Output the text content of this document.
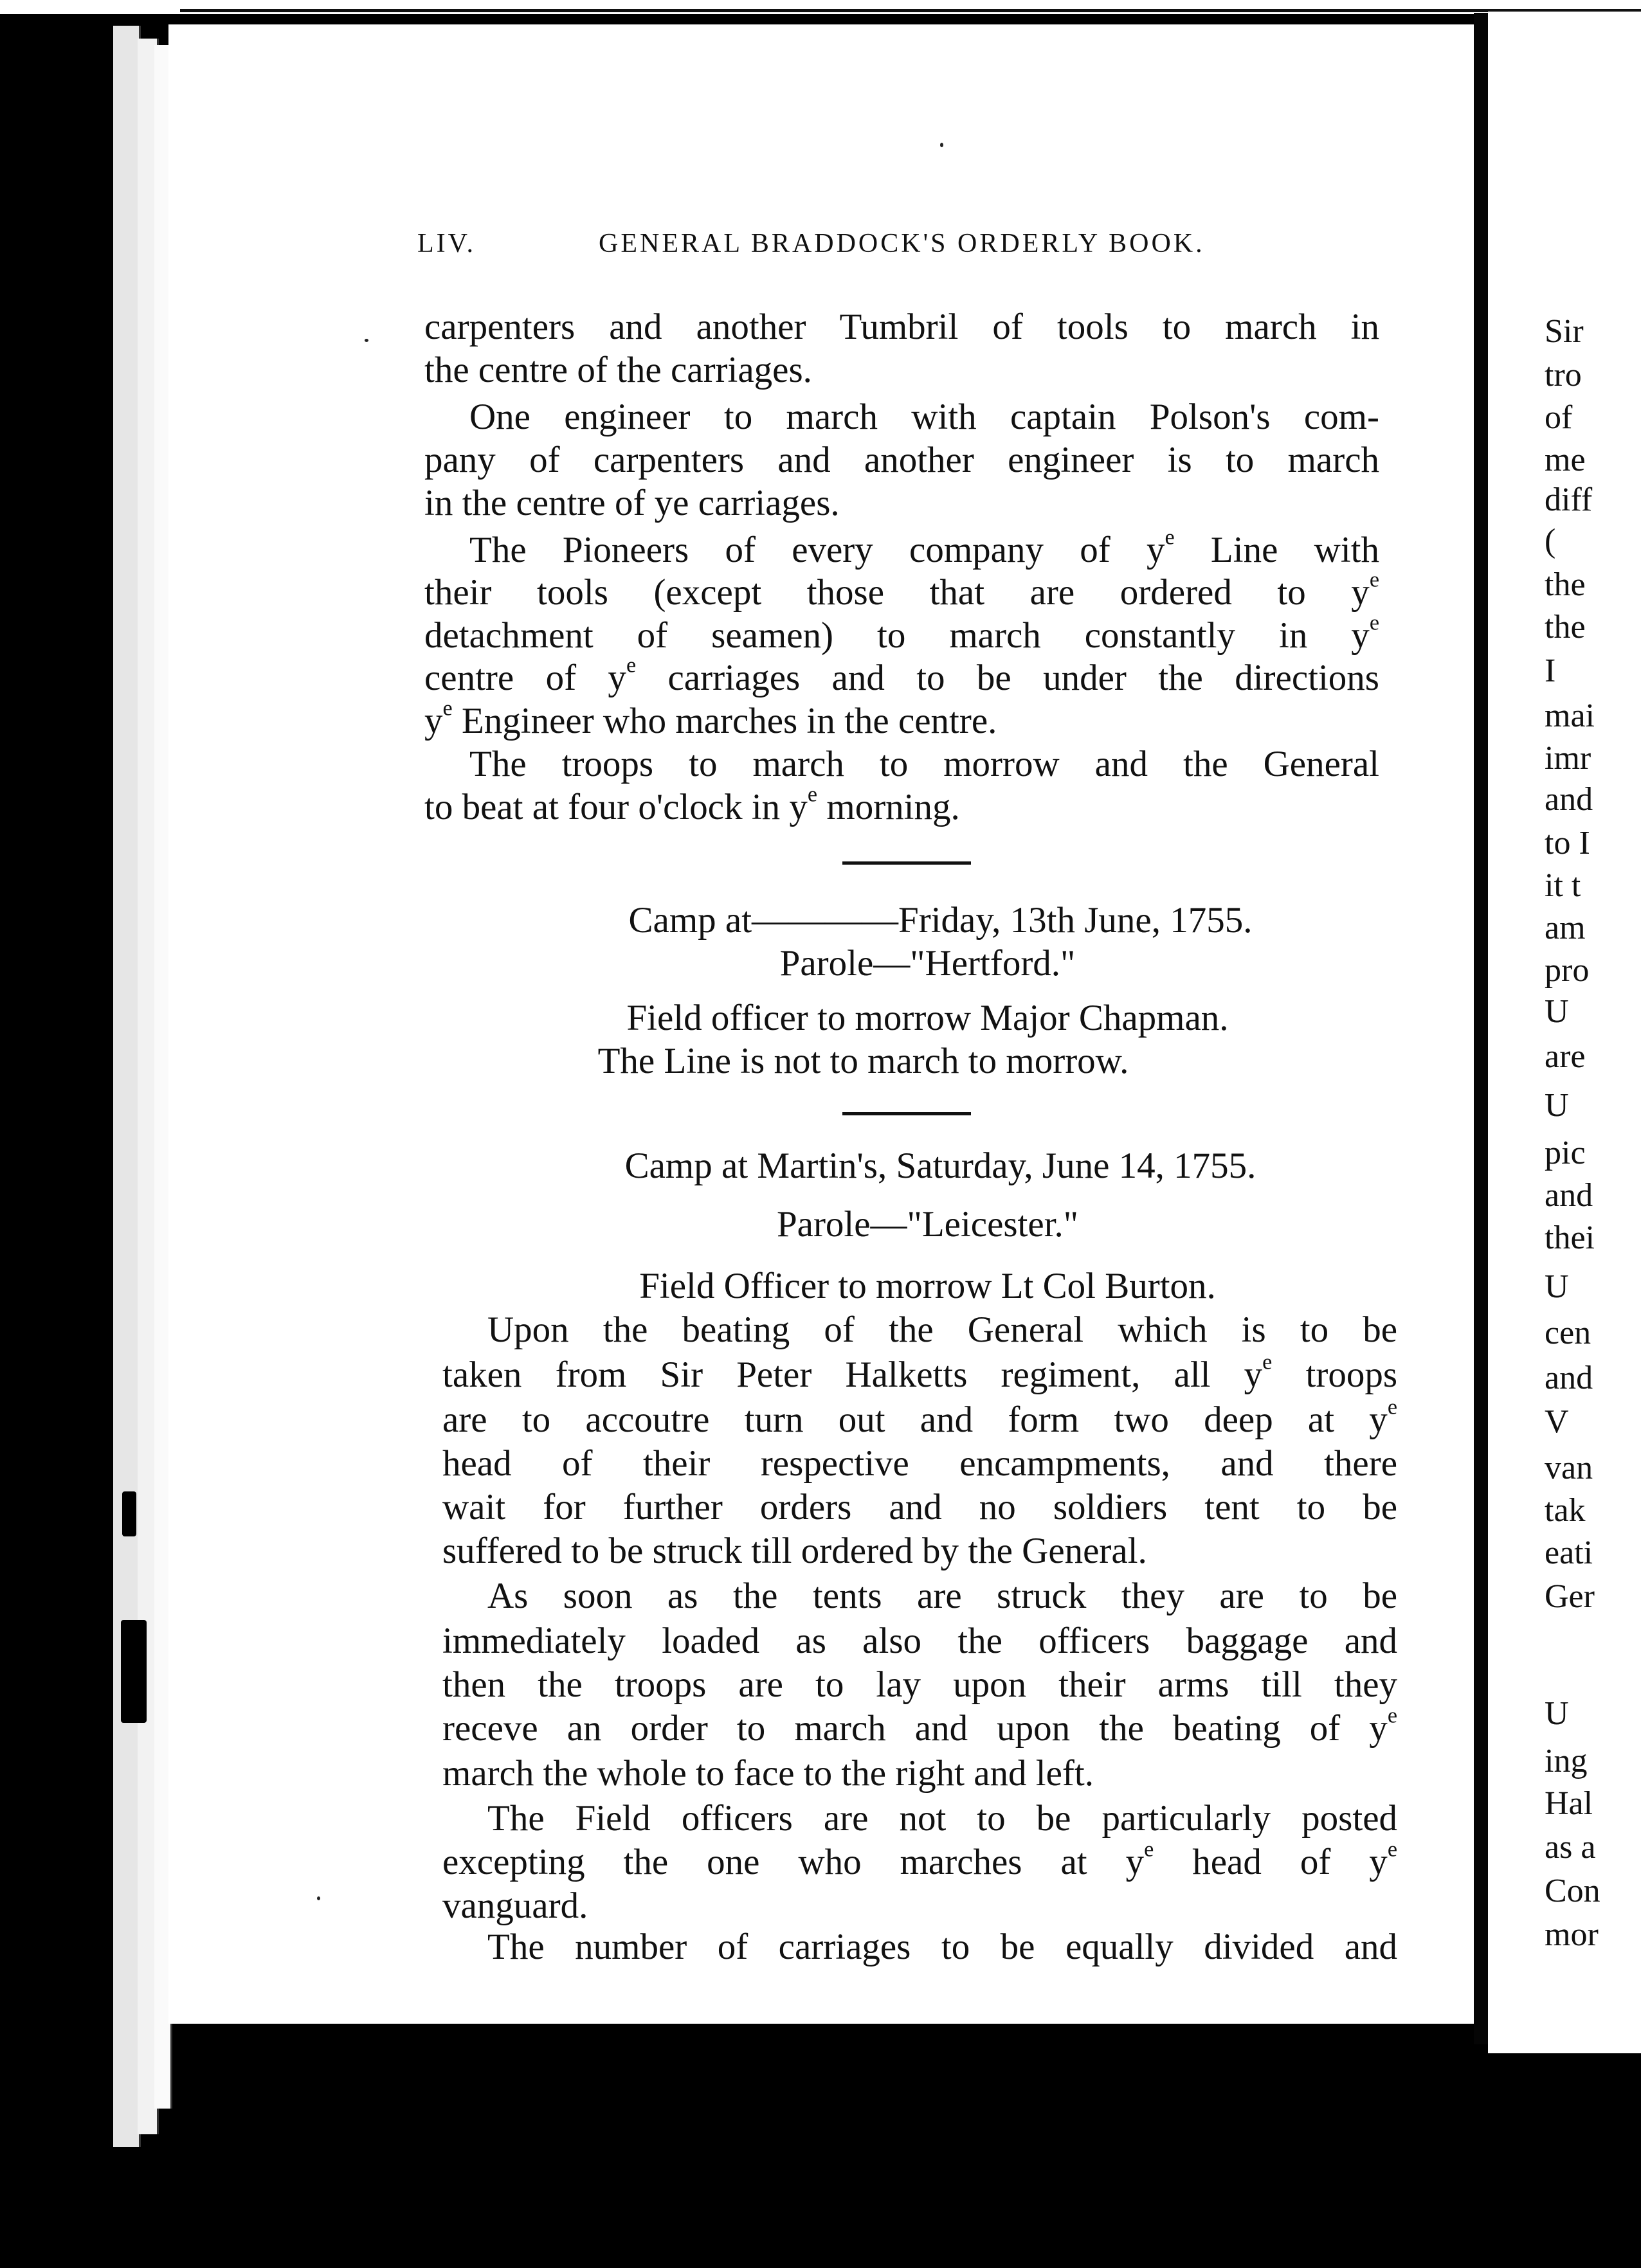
Sir
tro
of
me
diff
(
the
the
I
mai
imr
and
to I
it t
am
pro
U
are
U
pic
and
thei
U
cen
and
V
van
tak
eati
Ger
U
ing
Hal
as a
Con
mor
LIV.	GENERAL BRADDOCK'S ORDERLY BOOK.
carpenters and another Tumbril of tools to march in
the centre of the carriages.
One engineer to march with captain Polson's com-
pany of carpenters and another engineer is to march
in the centre of ye carriages.
The Pioneers of every company of $y^e$ Line with
their tools (except those that are ordered to $y^e$
detachment of seamen) to march constantly in $y^e$
centre of $y^e$ carriages and to be under the directions
$y^e$ Engineer who marches in the centre.
The troops to march to morrow and the General
to beat at four o'clock in $y^e$ morning.
Camp at————Friday, 13th June, 1755.
Parole—"Hertford."
Field officer to morrow Major Chapman.
The Line is not to march to morrow.
Camp at Martin's, Saturday, June 14, 1755.
Parole—"Leicester."
Field Officer to morrow Lt Col Burton.
Upon the beating of the General which is to be
taken from Sir Peter Halketts regiment, all $y^e$ troops
are to accoutre turn out and form two deep at $y^e$
head of their respective encampments, and there
wait for further orders and no soldiers tent to be
suffered to be struck till ordered by the General.
As soon as the tents are struck they are to be
immediately loaded as also the officers baggage and
then the troops are to lay upon their arms till they
receve an order to march and upon the beating of $y^e$
march the whole to face to the right and left.
The Field officers are not to be particularly posted
excepting the one who marches at $y^e$ head of $y^e$
vanguard.
The number of carriages to be equally divided and
